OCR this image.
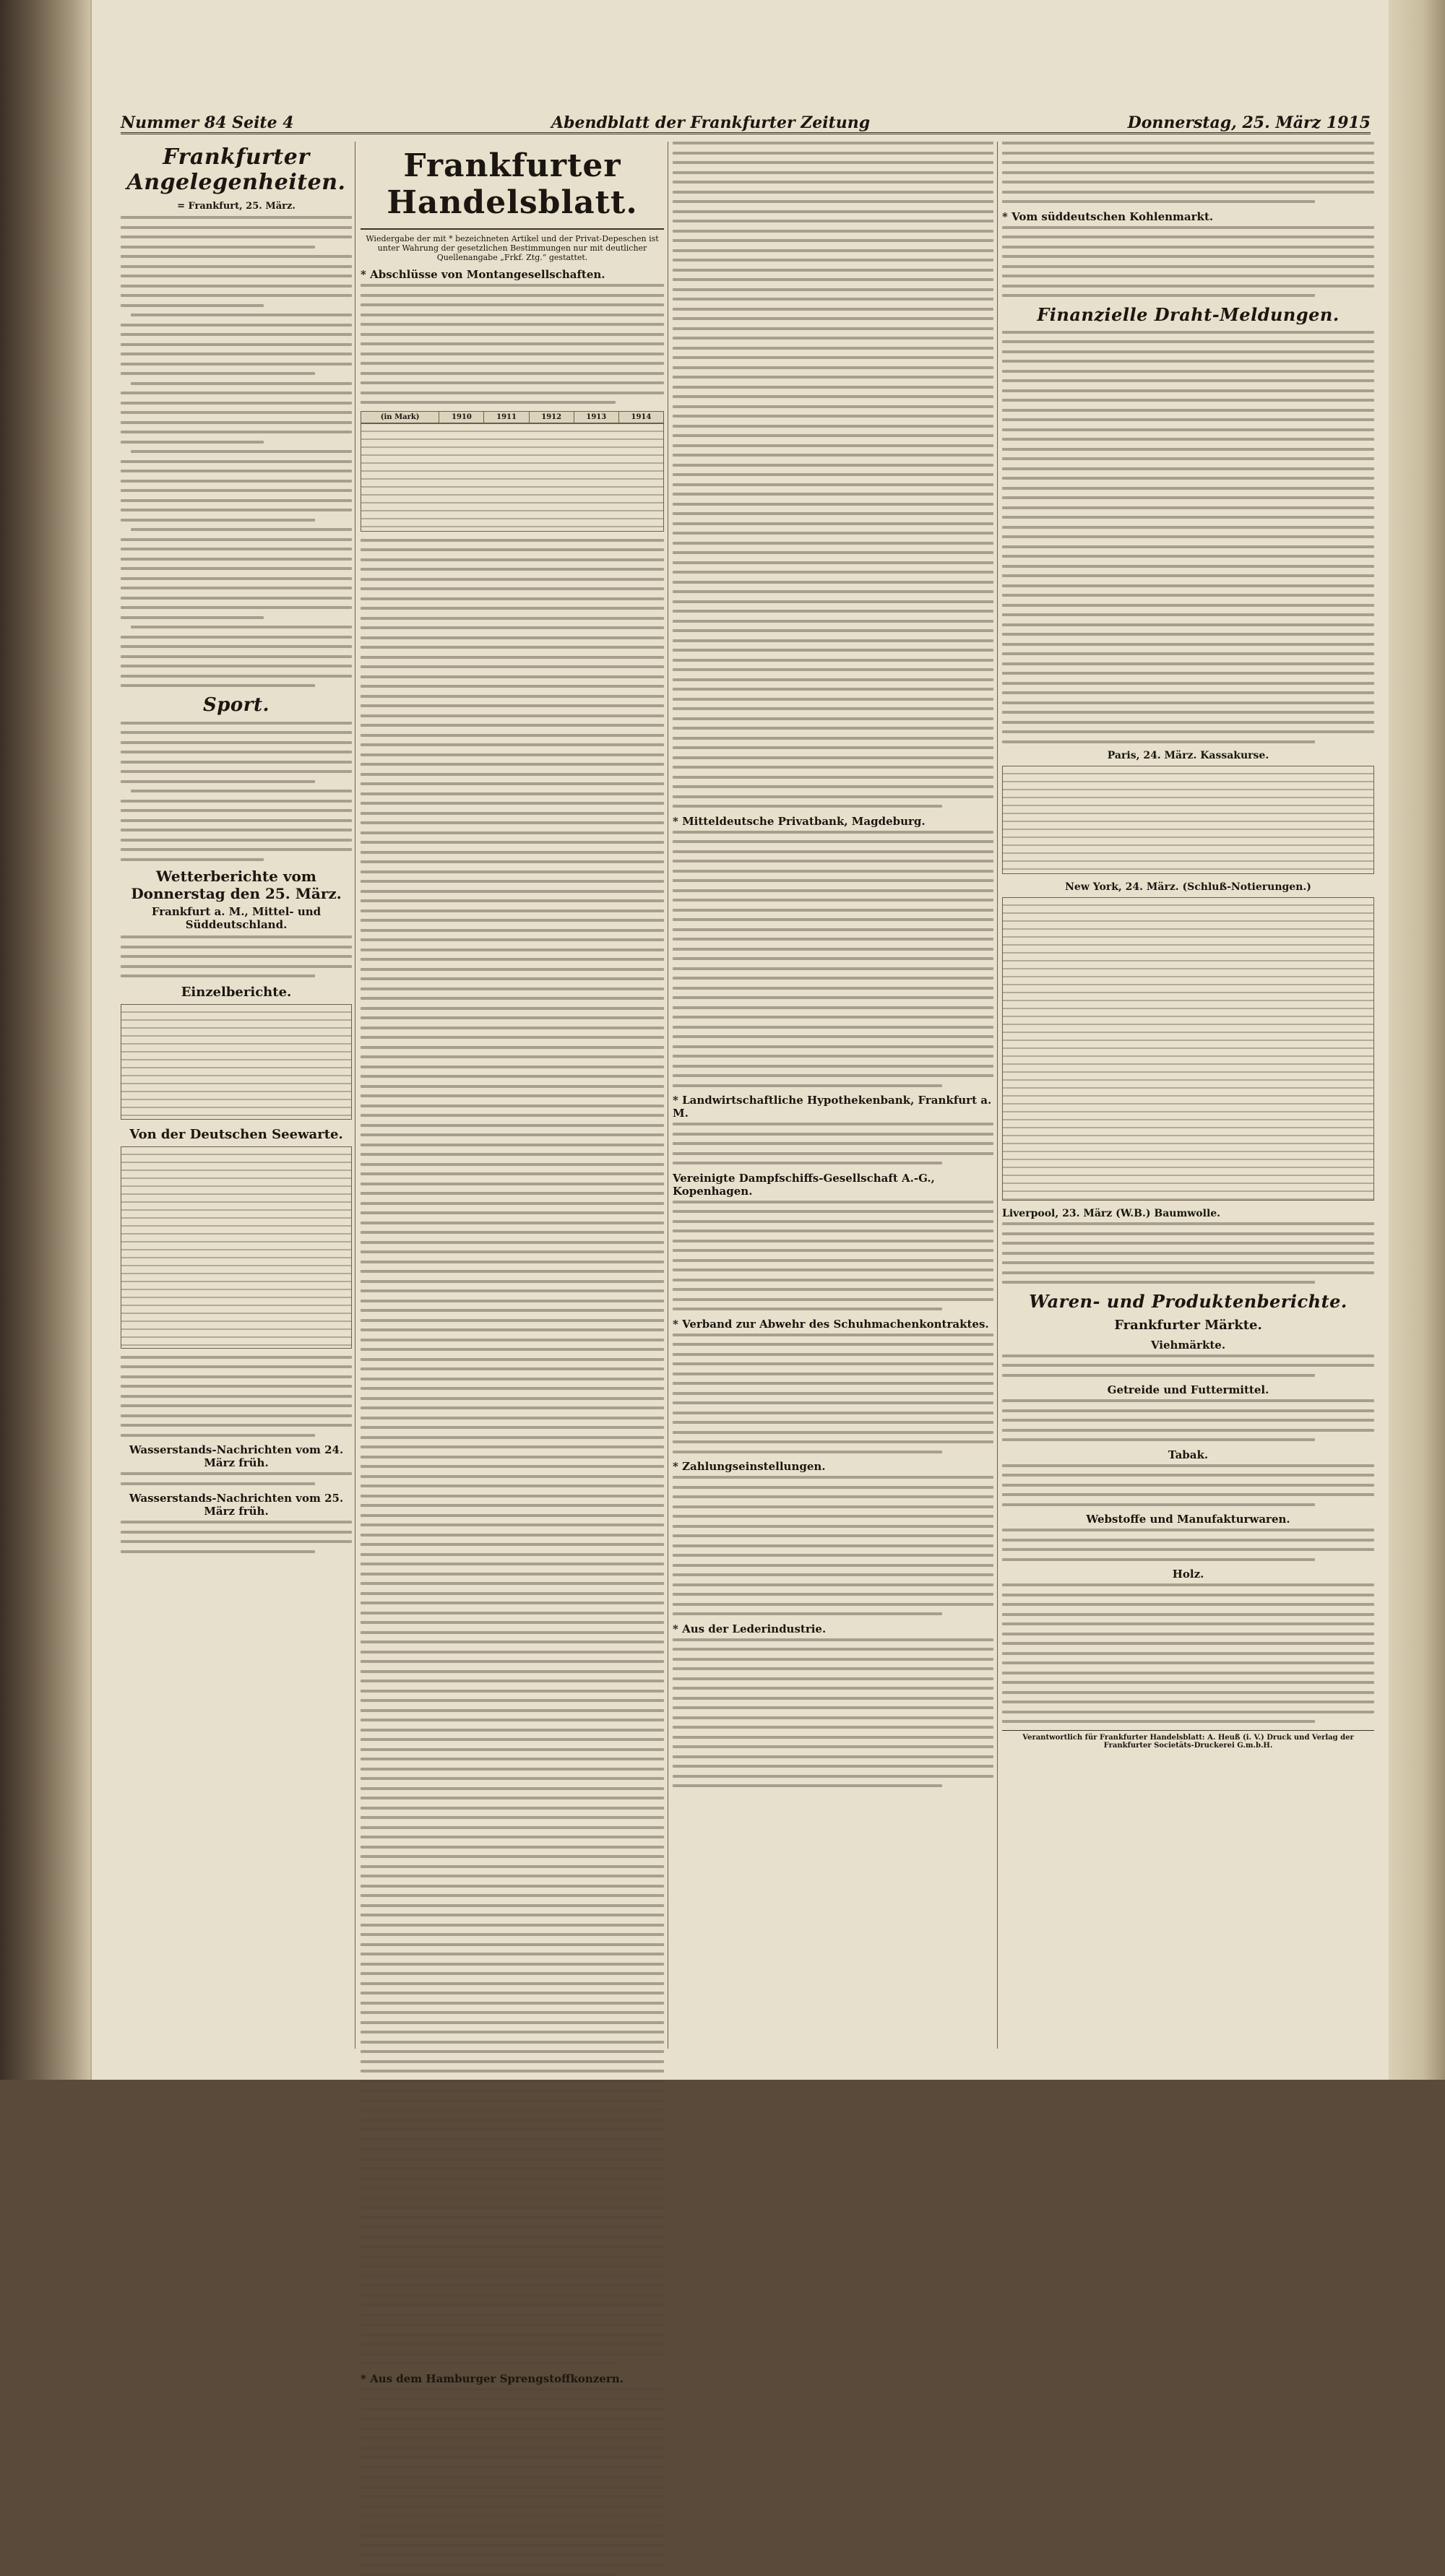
Nummer 84 Seite 4	Abendblatt der Frankfurter Zeitung	Donnerstag, 25. März 1915
Frankfurter Angelegenheiten.
= Frankfurt, 25. März.
Sport.
Wetterberichte vom Donnerstag den 25. März.
Frankfurt a. M., Mittel- und Süddeutschland.
Einzelberichte.
Von der Deutschen Seewarte.
Wasserstands-Nachrichten vom 24. März früh.
Wasserstands-Nachrichten vom 25. März früh.
Frankfurter Handelsblatt.
Wiedergabe der mit * bezeichneten Artikel und der Privat-Depeschen ist unter Wahrung der gesetzlichen Bestimmungen nur mit deutlicher Quellenangabe „Frkf. Ztg.“ gestattet.
* Abschlüsse von Montangesellschaften.
(in Mark)	1910	1911	1912	1913	1914
* Aus dem Hamburger Sprengstoffkonzern.
* Mitteldeutsche Privatbank, Magdeburg.
* Landwirtschaftliche Hypothekenbank, Frankfurt a. M.
Vereinigte Dampfschiffs-Gesellschaft A.-G., Kopenhagen.
* Verband zur Abwehr des Schuhmachenkontraktes.
* Zahlungseinstellungen.
* Aus der Lederindustrie.
* Vom süddeutschen Kohlenmarkt.
Finanzielle Draht-Meldungen.
Paris, 24. März. Kassakurse.
New York, 24. März. (Schluß-Notierungen.)
Liverpool, 23. März (W.B.) Baumwolle.
Waren- und Produktenberichte.
Frankfurter Märkte.
Viehmärkte.
Getreide und Futtermittel.
Tabak.
Webstoffe und Manufakturwaren.
Holz.
Verantwortlich für Frankfurter Handelsblatt: A. Heuß (i. V.) Druck und Verlag der Frankfurter Societäts-Druckerei G.m.b.H.
